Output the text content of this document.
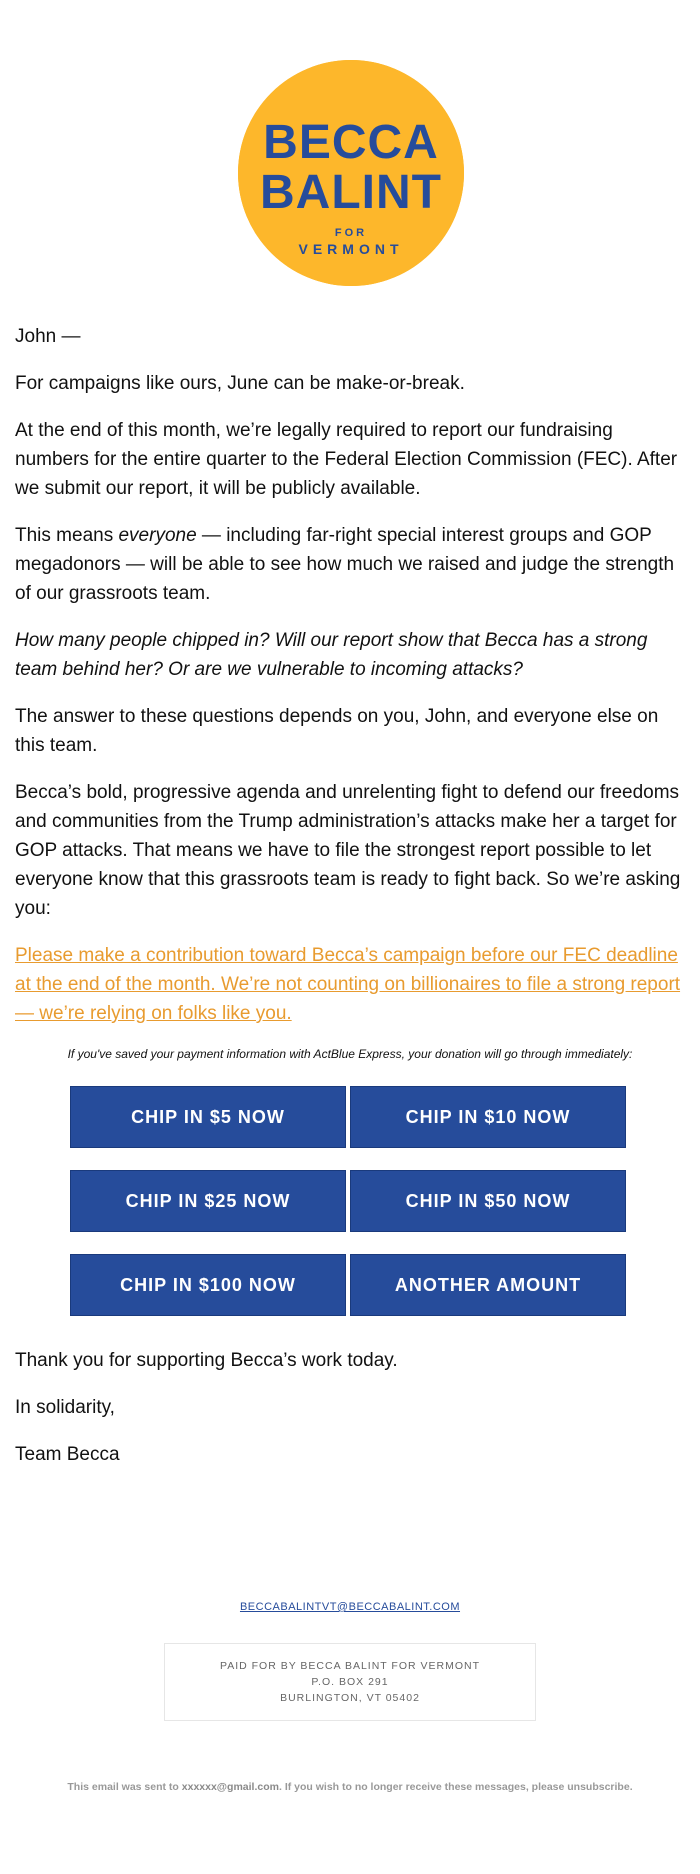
BECCA
BALINT
FOR
VERMONT

John —

For campaigns like ours, June can be make-or-break.

At the end of this month, we’re legally required to report our fundraising numbers for the entire quarter to the Federal Election Commission (FEC). After we submit our report, it will be publicly available.

This means everyone — including far-right special interest groups and GOP megadonors — will be able to see how much we raised and judge the strength of our grassroots team.

How many people chipped in? Will our report show that Becca has a strong team behind her? Or are we vulnerable to incoming attacks?

The answer to these questions depends on you, John, and everyone else on this team.

Becca’s bold, progressive agenda and unrelenting fight to defend our freedoms and communities from the Trump administration’s attacks make her a target for GOP attacks. That means we have to file the strongest report possible to let everyone know that this grassroots team is ready to fight back. So we’re asking you:

Please make a contribution toward Becca’s campaign before our FEC deadline at the end of the month. We’re not counting on billionaires to file a strong report — we’re relying on folks like you.

If you've saved your payment information with ActBlue Express, your donation will go through immediately:
CHIP IN $5 NOW	CHIP IN $10 NOW
CHIP IN $25 NOW	CHIP IN $50 NOW
CHIP IN $100 NOW	ANOTHER AMOUNT

Thank you for supporting Becca’s work today.

In solidarity,

Team Becca

BECCABALINTVT@BECCABALINT.COM
PAID FOR BY BECCA BALINT FOR VERMONT
P.O. BOX 291
BURLINGTON, VT 05402
This email was sent to xxxxxx@gmail.com. If you wish to no longer receive these messages, please unsubscribe.
